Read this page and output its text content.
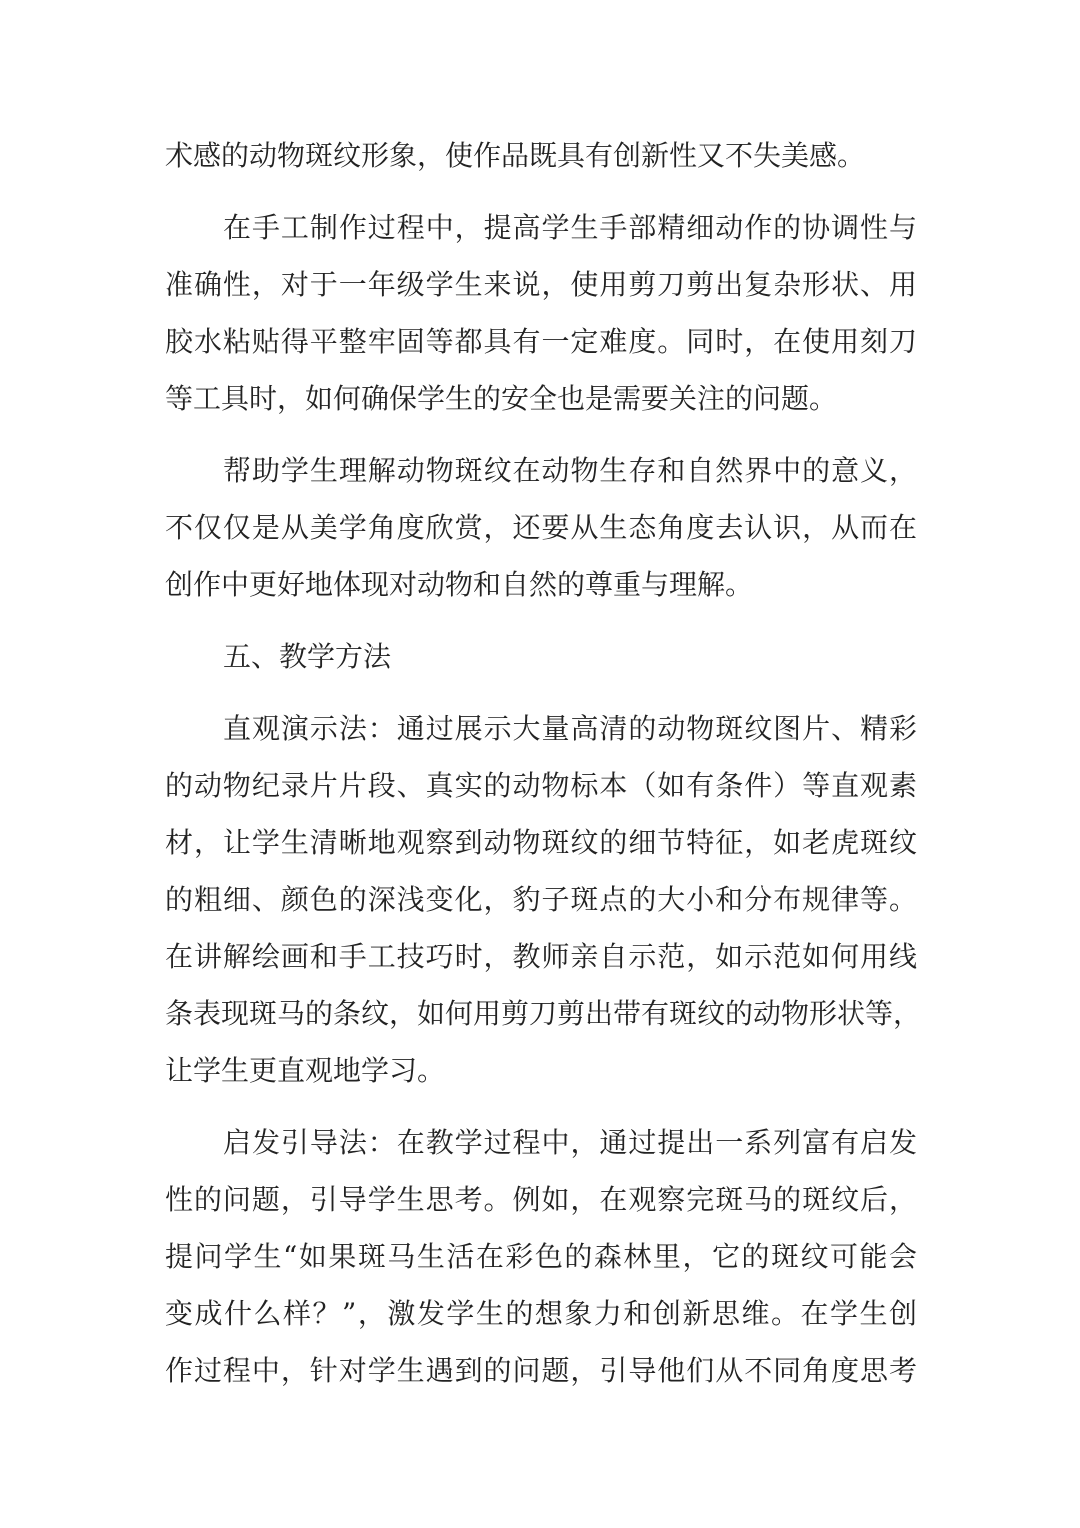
术感的动物斑纹形象，使作品既具有创新性又不失美感。
在手工制作过程中，提高学生手部精细动作的协调性与
准确性，对于一年级学生来说，使用剪刀剪出复杂形状、用
胶水粘贴得平整牢固等都具有一定难度。同时，在使用刻刀
等工具时，如何确保学生的安全也是需要关注的问题。
帮助学生理解动物斑纹在动物生存和自然界中的意义，
不仅仅是从美学角度欣赏，还要从生态角度去认识，从而在
创作中更好地体现对动物和自然的尊重与理解。
五、教学方法
直观演示法：通过展示大量高清的动物斑纹图片、精彩
的动物纪录片片段、真实的动物标本（如有条件）等直观素
材，让学生清晰地观察到动物斑纹的细节特征，如老虎斑纹
的粗细、颜色的深浅变化，豹子斑点的大小和分布规律等。
在讲解绘画和手工技巧时，教师亲自示范，如示范如何用线
条表现斑马的条纹，如何用剪刀剪出带有斑纹的动物形状等，
让学生更直观地学习。
启发引导法：在教学过程中，通过提出一系列富有启发
性的问题，引导学生思考。例如，在观察完斑马的斑纹后，
提问学生“如果斑马生活在彩色的森林里，它的斑纹可能会
变成什么样？”，激发学生的想象力和创新思维。在学生创
作过程中，针对学生遇到的问题，引导他们从不同角度思考
